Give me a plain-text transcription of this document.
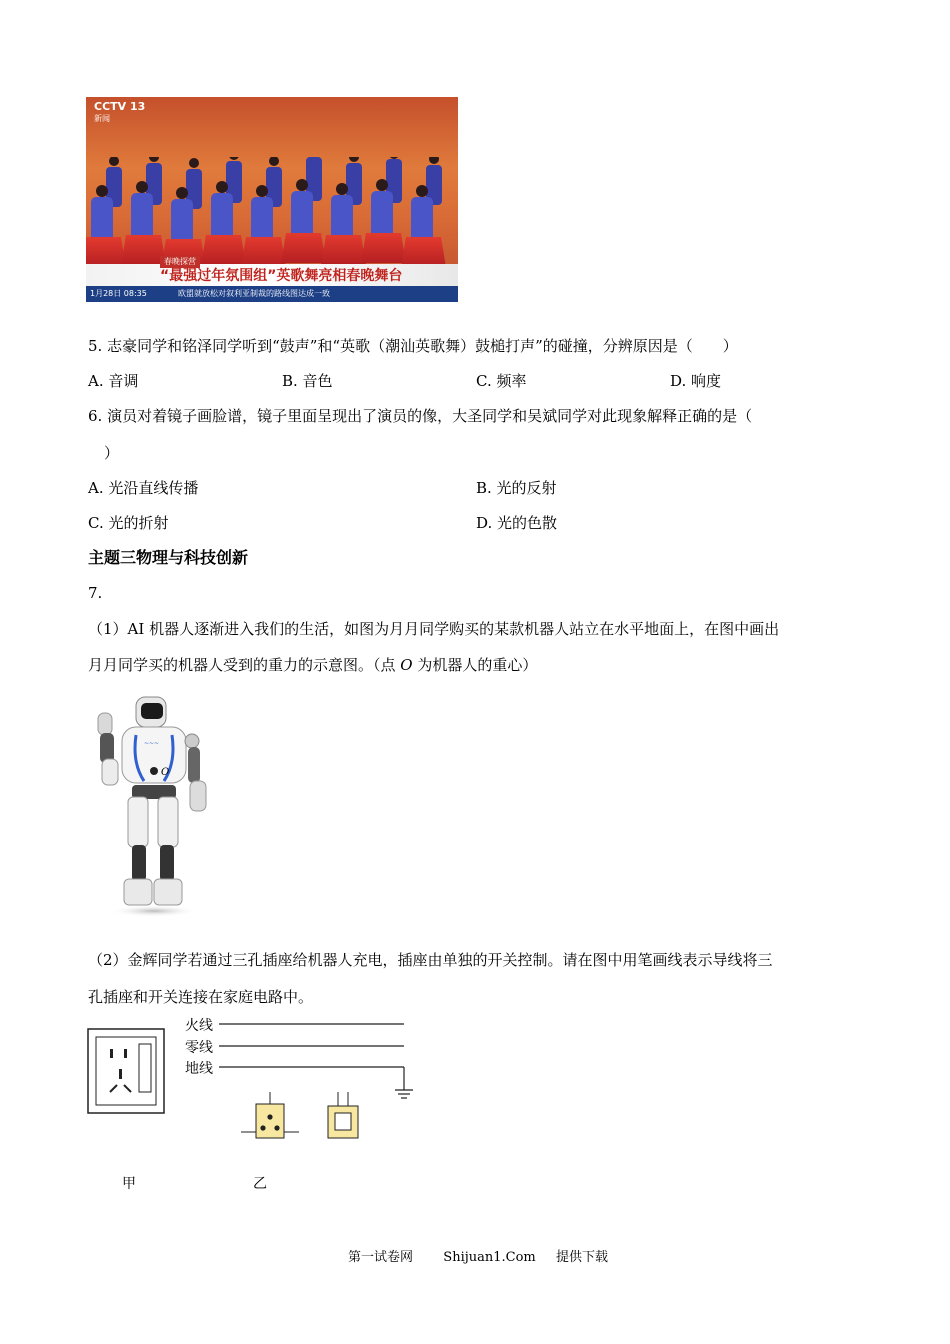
CCTV 13
新闻
春晚探营
“最强过年氛围组”英歌舞亮相春晚舞台
1月28日 08:35	欧盟就放松对叙利亚制裁的路线图达成一致
5. 志豪同学和铭泽同学听到“鼓声”和“英歌（潮汕英歌舞）鼓槌打声”的碰撞，分辨原因是（　　）
A. 音调	B. 音色	C. 频率	D. 响度
6. 演员对着镜子画脸谱，镜子里面呈现出了演员的像，大圣同学和吴斌同学对此现象解释正确的是（
）
A. 光沿直线传播	B. 光的反射
C. 光的折射	D. 光的色散
主题三物理与科技创新
7.
（1）AI 机器人逐渐进入我们的生活，如图为月月同学购买的某款机器人站立在水平地面上，在图中画出
月月同学买的机器人受到的重力的示意图。（点 O 为机器人的重心）
~~~
O
（2）金辉同学若通过三孔插座给机器人充电，插座由单独的开关控制。请在图中用笔画线表示导线将三
孔插座和开关连接在家庭电路中。
火线
零线
地线
甲	乙
第一试卷网 Shijuan1.Com 提供下载
